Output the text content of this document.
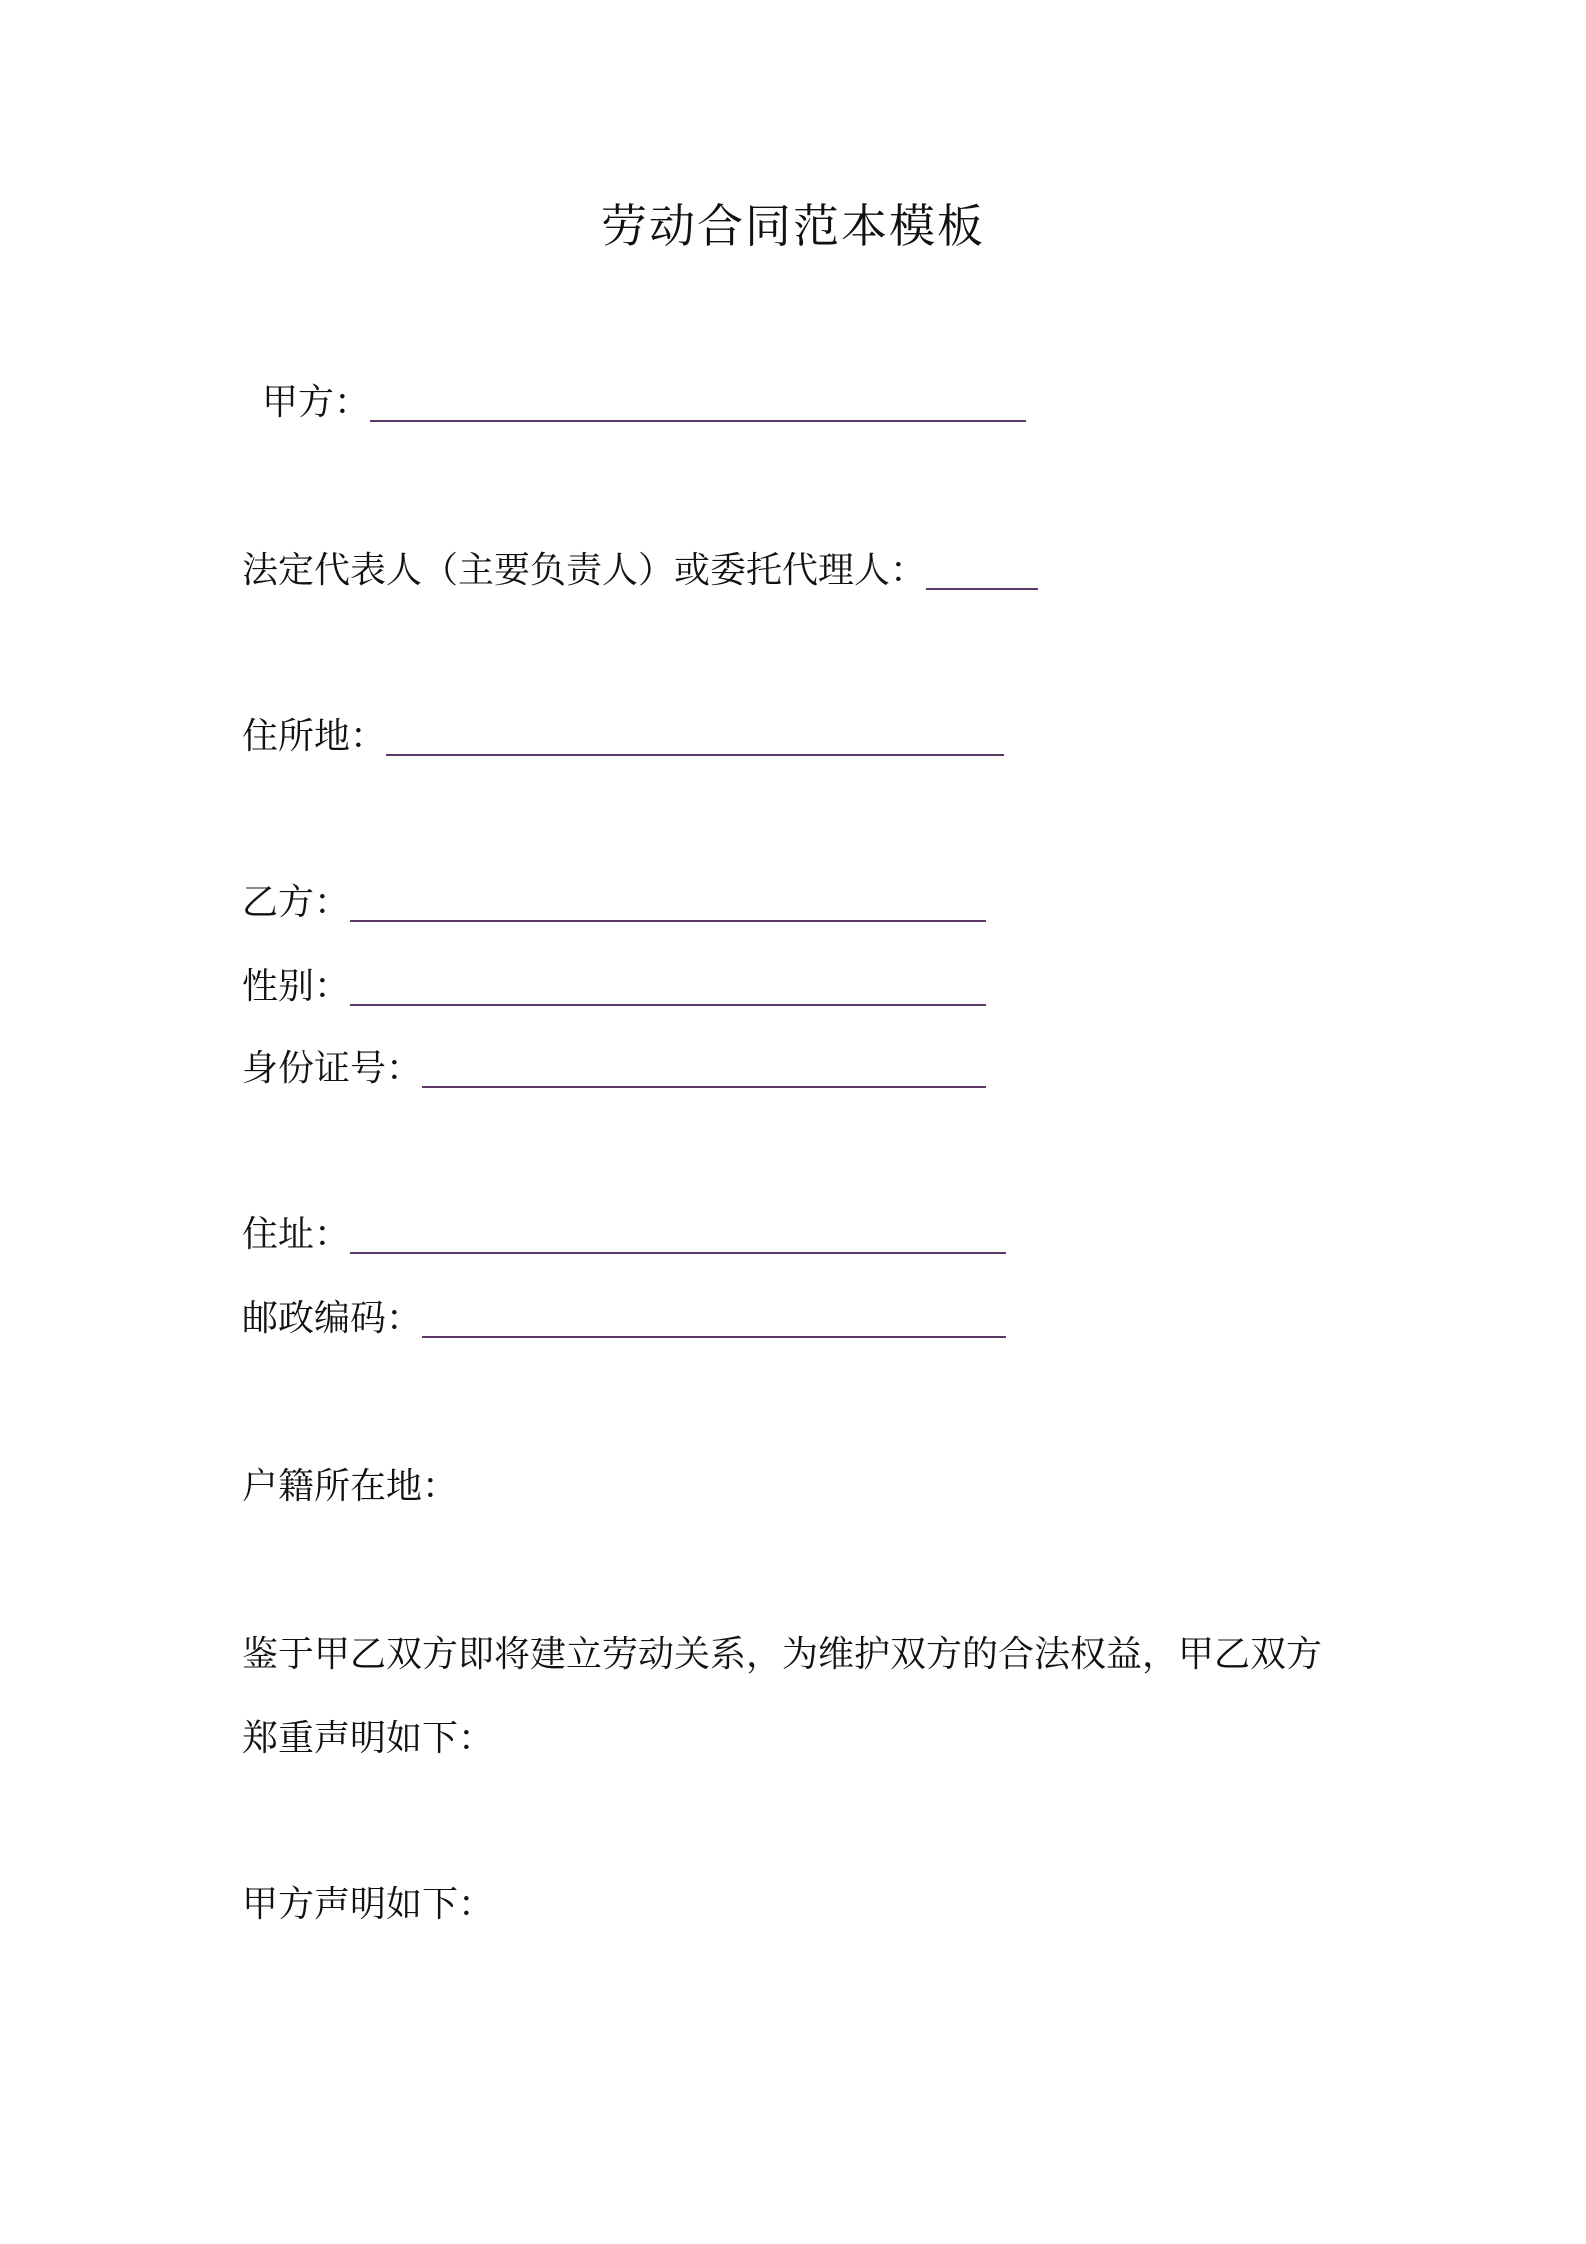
劳动合同范本模板
甲方：
法定代表人（主要负责人）或委托代理人：
住所地：
乙方：
性别：
身份证号：
住址：
邮政编码：
户籍所在地：
鉴于甲乙双方即将建立劳动关系，为维护双方的合法权益，甲乙双方
郑重声明如下：
甲方声明如下：
